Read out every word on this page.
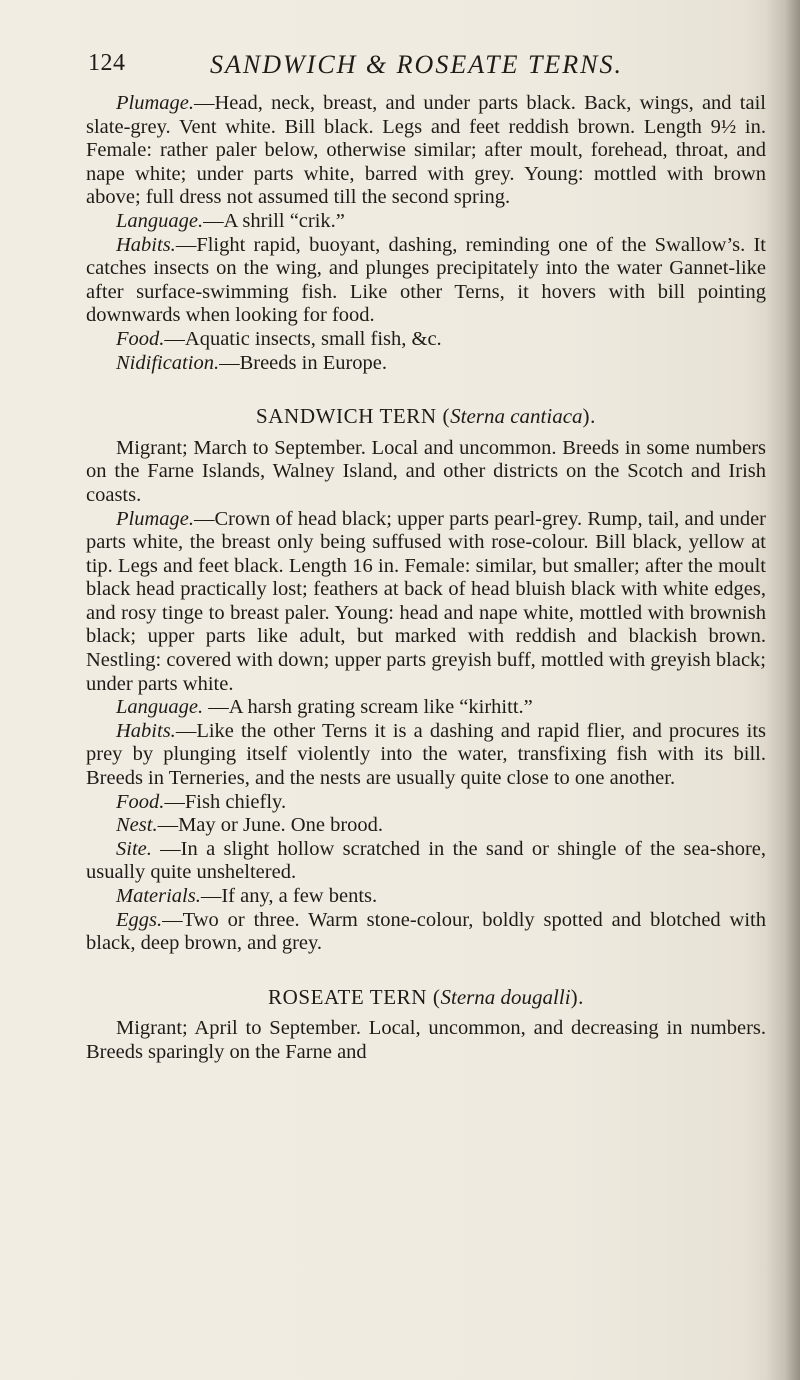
124	SANDWICH & ROSEATE TERNS.

Plumage.—Head, neck, breast, and under parts black. Back, wings, and tail slate-grey. Vent white. Bill black. Legs and feet reddish brown. Length 9½ in. Female: rather paler below, otherwise similar; after moult, forehead, throat, and nape white; under parts white, barred with grey. Young: mottled with brown above; full dress not assumed till the second spring.

Language.—A shrill “crik.”

Habits.—Flight rapid, buoyant, dashing, reminding one of the Swallow’s. It catches insects on the wing, and plunges precipitately into the water Gannet-like after surface-swimming fish. Like other Terns, it hovers with bill pointing downwards when looking for food.

Food.—Aquatic insects, small fish, &c.

Nidification.—Breeds in Europe.

SANDWICH TERN (Sterna cantiaca).

Migrant; March to September. Local and uncommon. Breeds in some numbers on the Farne Islands, Walney Island, and other districts on the Scotch and Irish coasts.

Plumage.—Crown of head black; upper parts pearl-grey. Rump, tail, and under parts white, the breast only being suffused with rose-colour. Bill black, yellow at tip. Legs and feet black. Length 16 in. Female: similar, but smaller; after the moult black head practically lost; feathers at back of head bluish black with white edges, and rosy tinge to breast paler. Young: head and nape white, mottled with brownish black; upper parts like adult, but marked with reddish and blackish brown. Nestling: covered with down; upper parts greyish buff, mottled with greyish black; under parts white.

Language. —A harsh grating scream like “kirhitt.”

Habits.—Like the other Terns it is a dashing and rapid flier, and procures its prey by plunging itself violently into the water, transfixing fish with its bill. Breeds in Terneries, and the nests are usually quite close to one another.

Food.—Fish chiefly.

Nest.—May or June. One brood.

Site. —In a slight hollow scratched in the sand or shingle of the sea-shore, usually quite unsheltered.

Materials.—If any, a few bents.

Eggs.—Two or three. Warm stone-colour, boldly spotted and blotched with black, deep brown, and grey.

ROSEATE TERN (Sterna dougalli).

Migrant; April to September. Local, uncommon, and decreasing in numbers. Breeds sparingly on the Farne and
